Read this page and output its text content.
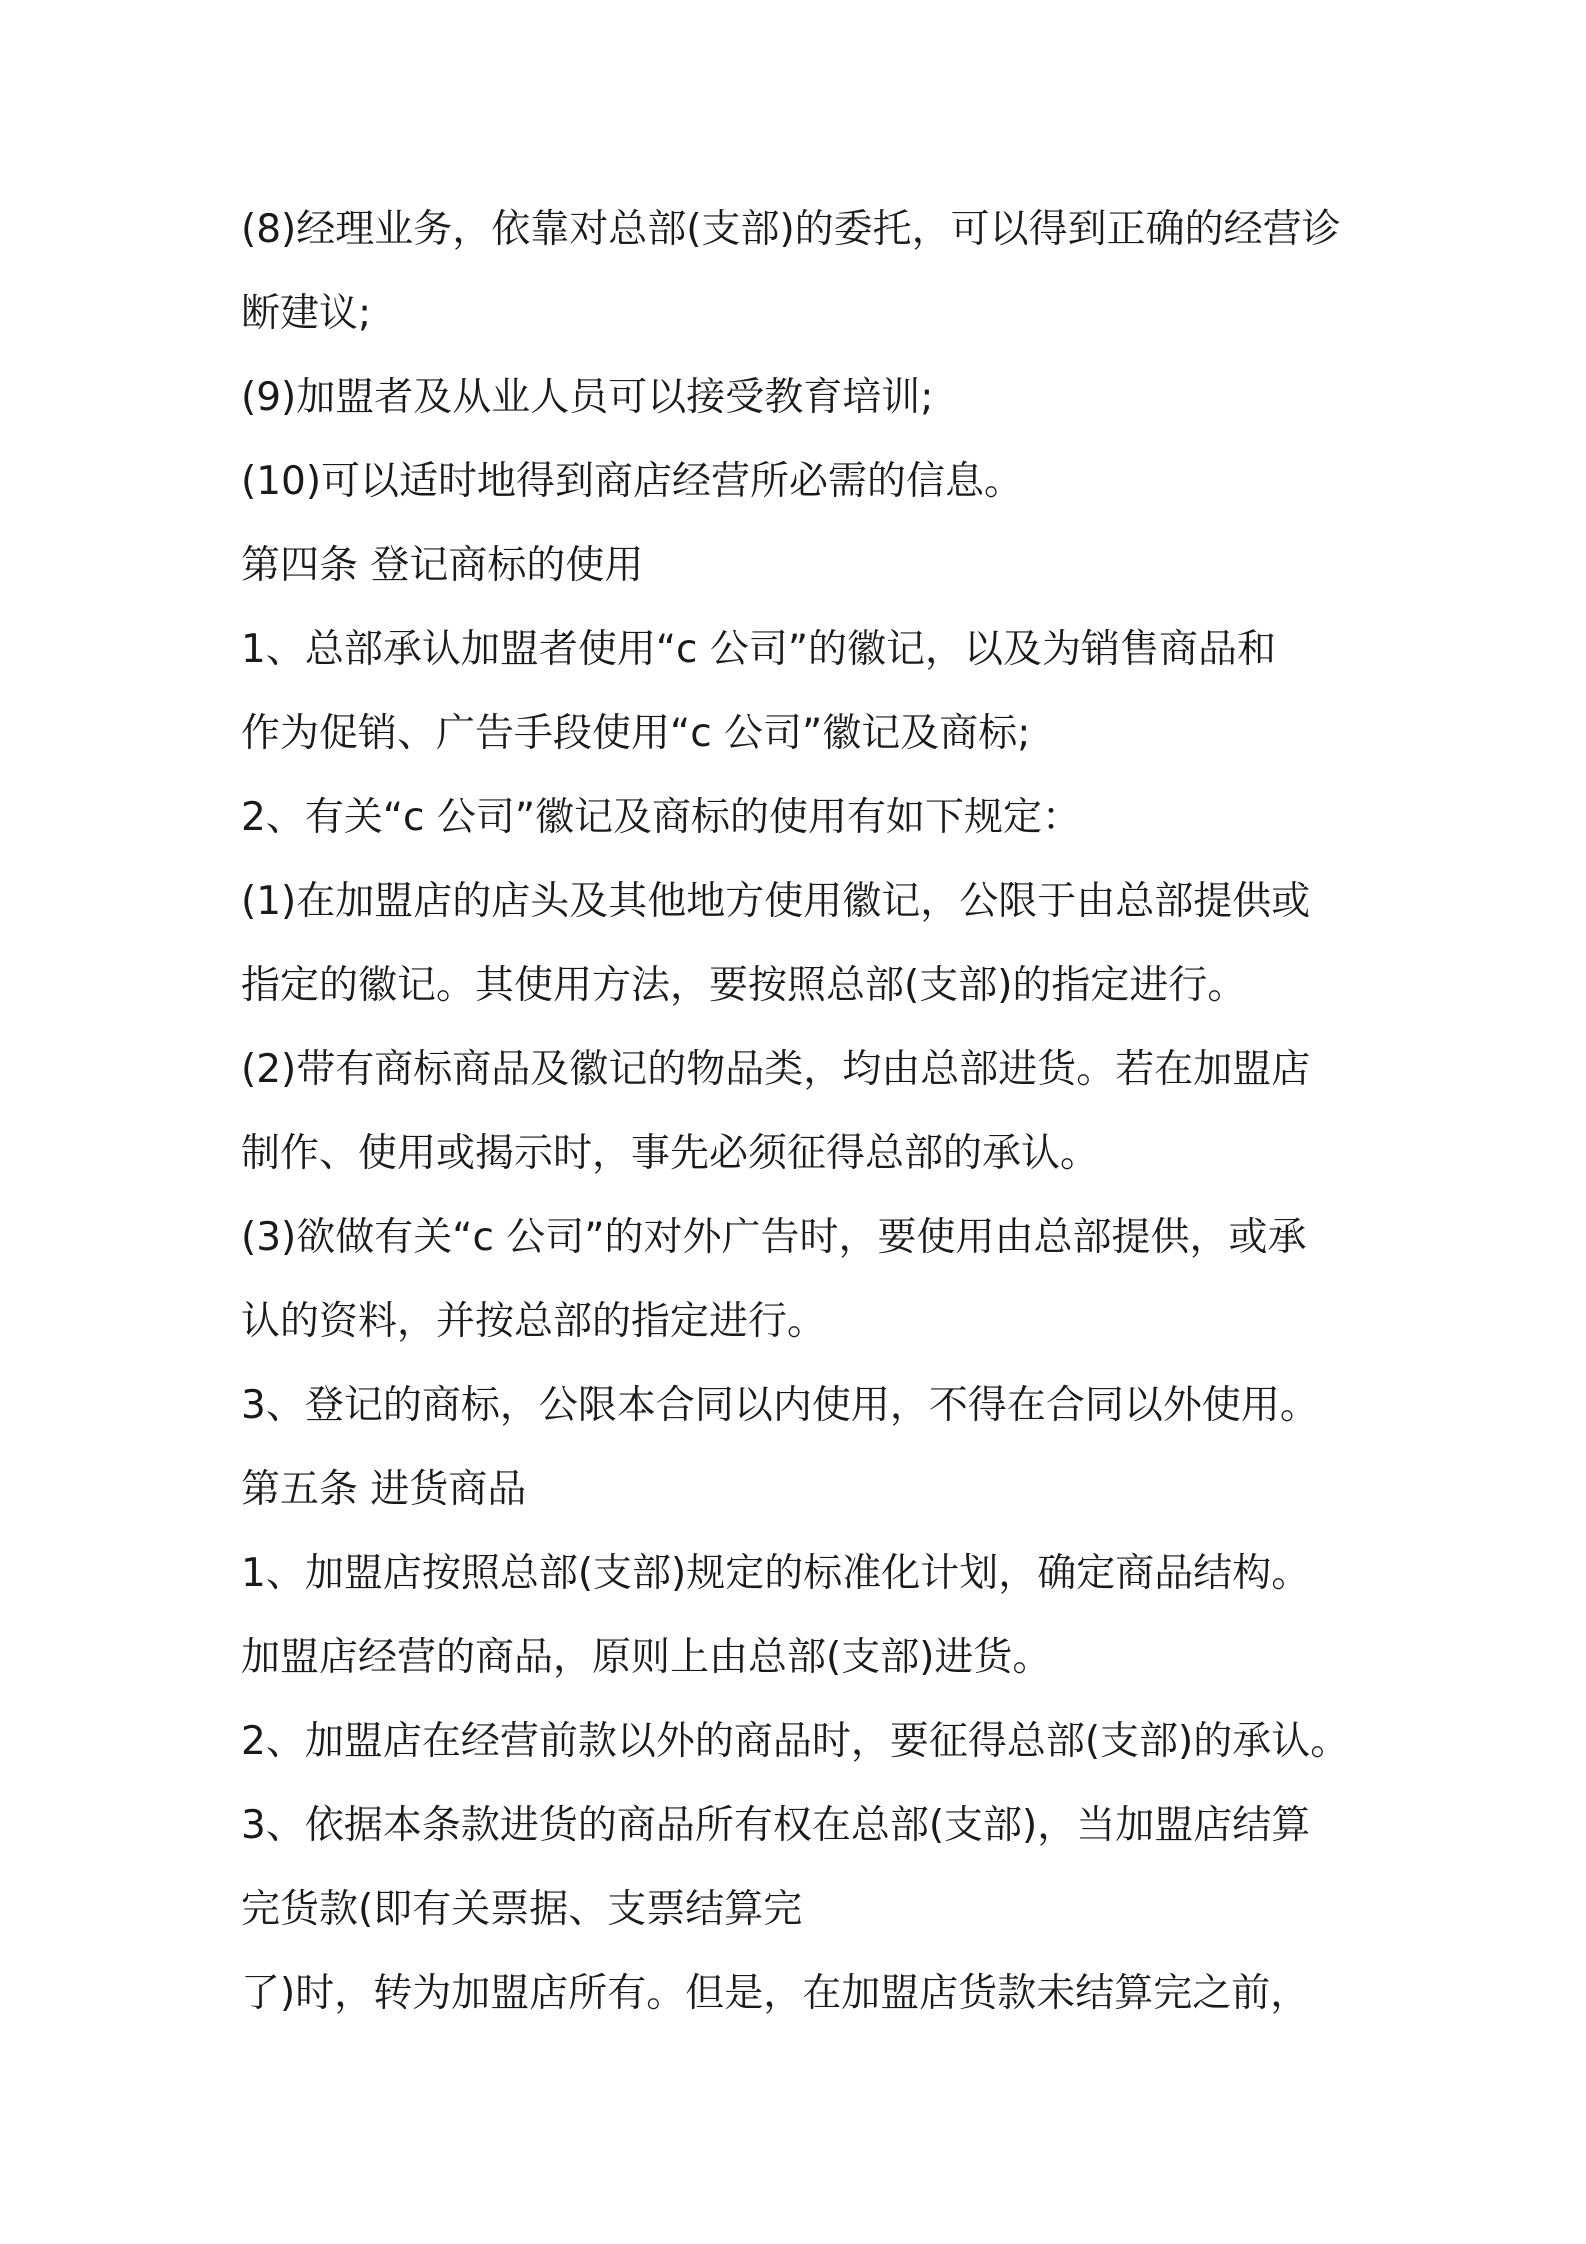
(8)经理业务，依靠对总部(支部)的委托，可以得到正确的经营诊
断建议;
(9)加盟者及从业人员可以接受教育培训;
(10)可以适时地得到商店经营所必需的信息。
第四条 登记商标的使用
1、总部承认加盟者使用“c 公司”的徽记，以及为销售商品和
作为促销、广告手段使用“c 公司”徽记及商标;
2、有关“c 公司”徽记及商标的使用有如下规定：
(1)在加盟店的店头及其他地方使用徽记，公限于由总部提供或
指定的徽记。其使用方法，要按照总部(支部)的指定进行。
(2)带有商标商品及徽记的物品类，均由总部进货。若在加盟店
制作、使用或揭示时，事先必须征得总部的承认。
(3)欲做有关“c 公司”的对外广告时，要使用由总部提供，或承
认的资料，并按总部的指定进行。
3、登记的商标，公限本合同以内使用，不得在合同以外使用。
第五条 进货商品
1、加盟店按照总部(支部)规定的标准化计划，确定商品结构。
加盟店经营的商品，原则上由总部(支部)进货。
2、加盟店在经营前款以外的商品时，要征得总部(支部)的承认。
3、依据本条款进货的商品所有权在总部(支部)，当加盟店结算
完货款(即有关票据、支票结算完
了)时，转为加盟店所有。但是，在加盟店货款未结算完之前，
